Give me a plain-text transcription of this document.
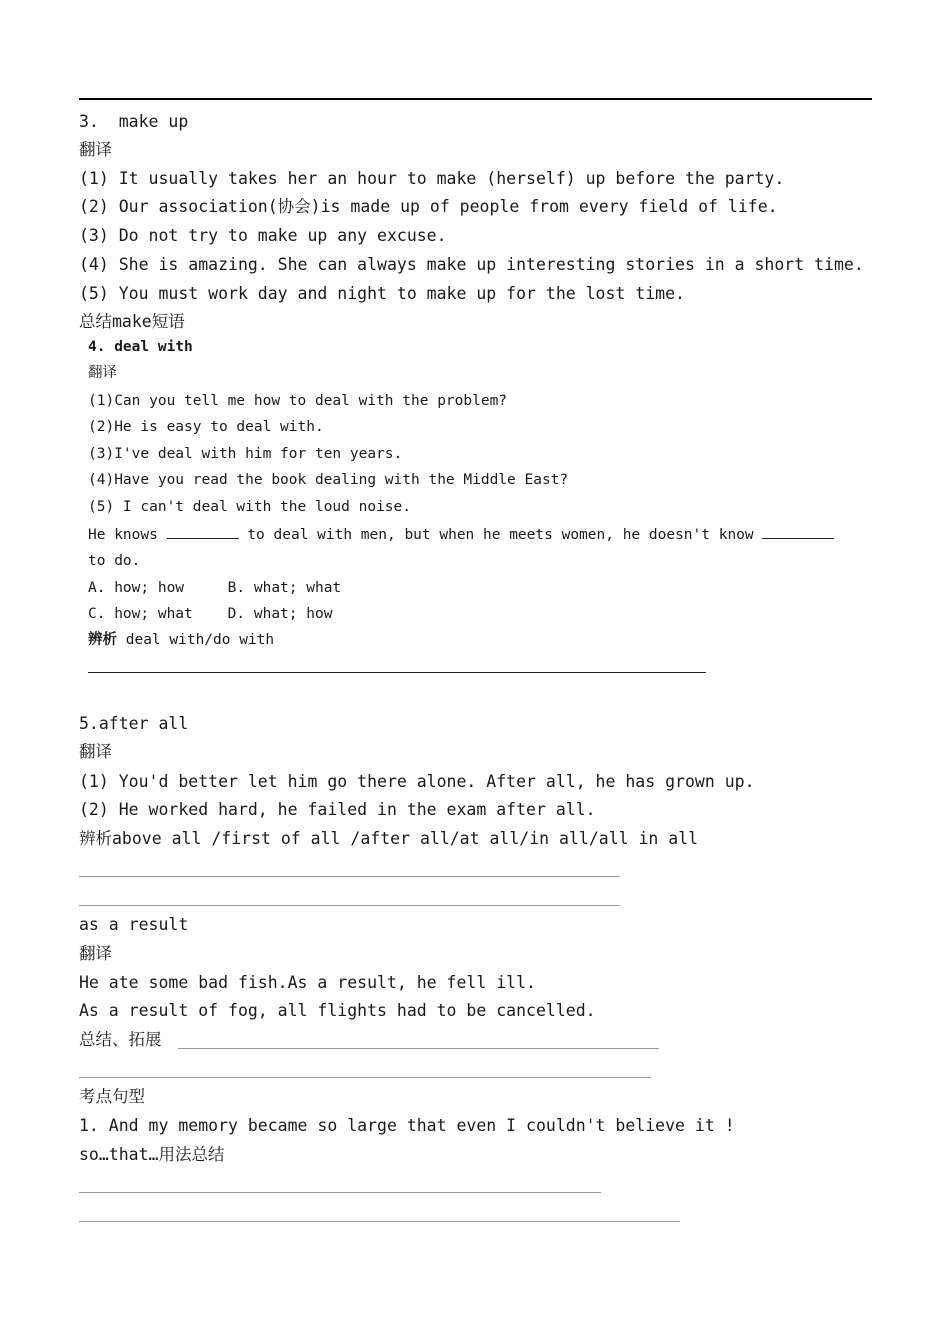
3.  make up
翻译
(1) It usually takes her an hour to make (herself) up before the party.
(2) Our association(协会)is made up of people from every field of life.
(3) Do not try to make up any excuse.
(4) She is amazing. She can always make up interesting stories in a short time.
(5) You must work day and night to make up for the lost time.
总结make短语
4. deal with
翻译
(1)Can you tell me how to deal with the problem?
(2)He is easy to deal with.
(3)I've deal with him for ten years.
(4)Have you read the book dealing with the Middle East?
(5) I can't deal with the loud noise.
He knows	to deal with men, but when he meets women, he doesn't know
to do.
A. how; how     B. what; what
C. how; what    D. what; how
辨析 deal with/do with
5.after all
翻译
(1) You'd better let him go there alone. After all, he has grown up.
(2) He worked hard, he failed in the exam after all.
辨析above all /first of all /after all/at all/in all/all in all
as a result
翻译
He ate some bad fish.As a result, he fell ill.
As a result of fog, all flights had to be cancelled.
总结、拓展
考点句型
1. And my memory became so large that even I couldn't believe it !
so…that…用法总结
